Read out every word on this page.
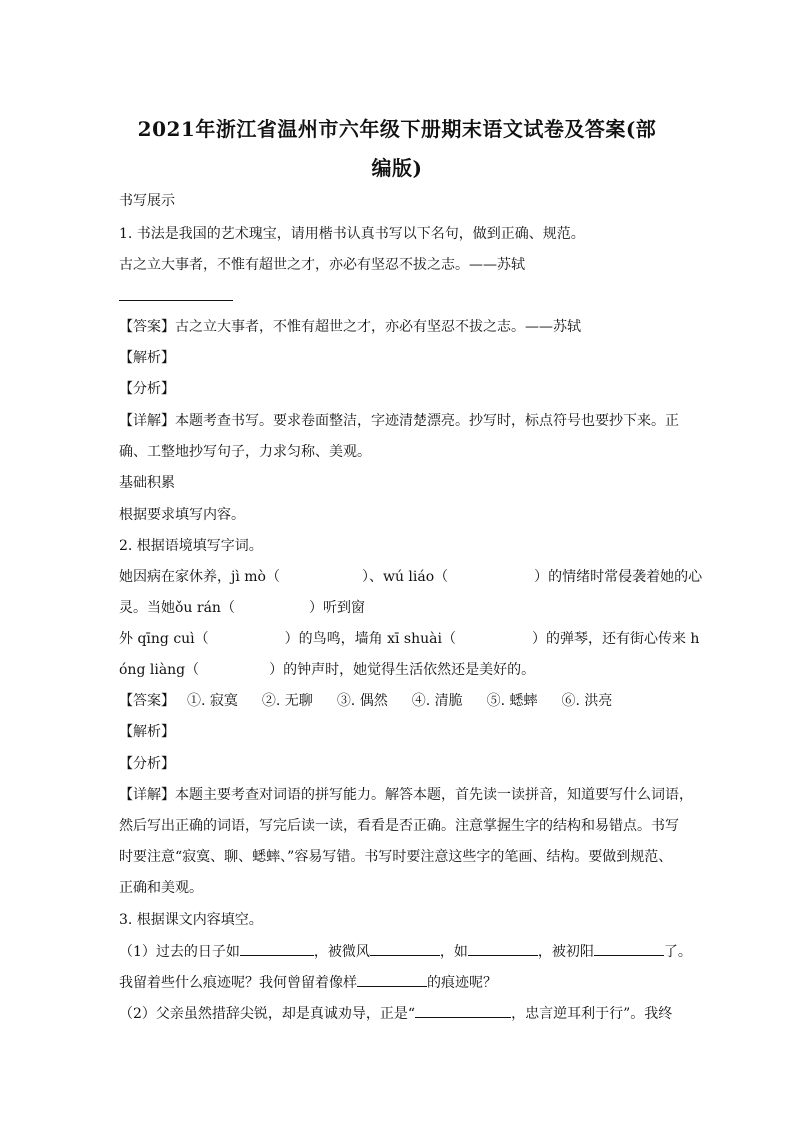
2021年浙江省温州市六年级下册期末语文试卷及答案(部
编版)
书写展示
1. 书法是我国的艺术瑰宝，请用楷书认真书写以下名句，做到正确、规范。
古之立大事者，不惟有超世之才，亦必有坚忍不拔之志。——苏轼
【答案】古之立大事者，不惟有超世之才，亦必有坚忍不拔之志。——苏轼
【解析】
【分析】
【详解】本题考查书写。要求卷面整洁，字迹清楚漂亮。抄写时，标点符号也要抄下来。正
确、工整地抄写句子，力求匀称、美观。
基础积累
根据要求填写内容。
2. 根据语境填写字词。
她因病在家休养，jì mò（	）、wú liáo（	）的情绪时常侵袭着她的心
灵。当她ǒu rán（	）听到窗
外 qīng cuì（	）的鸟鸣，墙角 xī shuài（	）的弹琴，还有街心传来 h
óng liàng（	）的钟声时，她觉得生活依然还是美好的。
【答案】 ①. 寂寞 ②. 无聊 ③. 偶然 ④. 清脆 ⑤. 蟋蟀 ⑥. 洪亮
【解析】
【分析】
【详解】本题主要考查对词语的拼写能力。解答本题，首先读一读拼音，知道要写什么词语，
然后写出正确的词语，写完后读一读，看看是否正确。注意掌握生字的结构和易错点。书写
时要注意“寂寞、聊、蟋蟀、”容易写错。书写时要注意这些字的笔画、结构。要做到规范、
正确和美观。
3. 根据课文内容填空。
（1）过去的日子如	，被微风	，如	，被初阳	了。
我留着些什么痕迹呢？我何曾留着像样	的痕迹呢？
（2）父亲虽然措辞尖锐，却是真诚劝导，正是“	，忠言逆耳利于行”。我终
